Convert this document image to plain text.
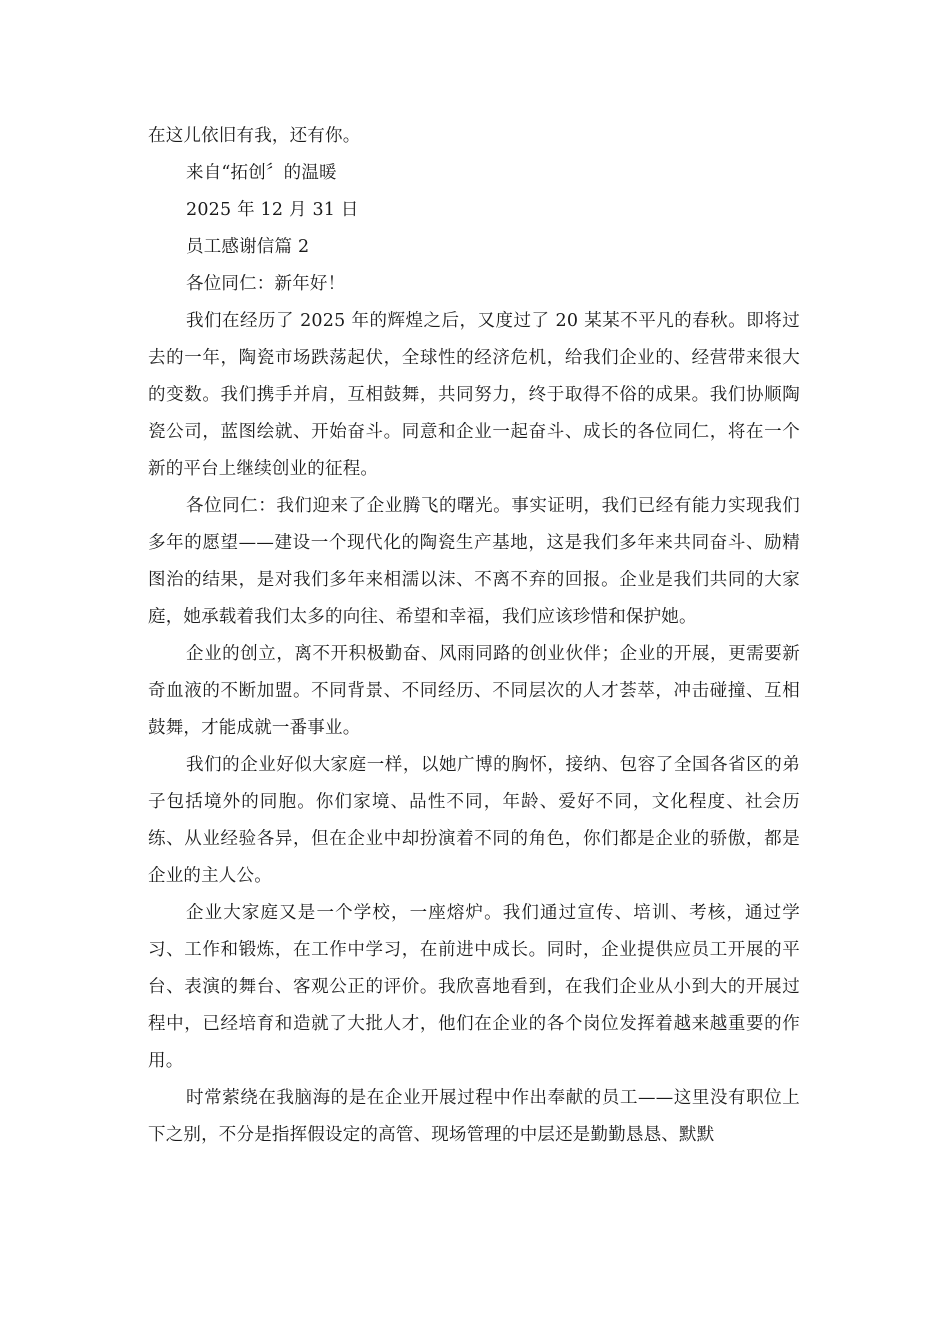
在这儿依旧有我，还有你。

来自“拓创〞的温暖

2025 年 12 月 31 日

员工感谢信篇 2

各位同仁：新年好！

我们在经历了 2025 年的辉煌之后，又度过了 20 某某不平凡的春秋。即将过去的一年，陶瓷市场跌荡起伏，全球性的经济危机，给我们企业的、经营带来很大的变数。我们携手并肩，互相鼓舞，共同努力，终于取得不俗的成果。我们协顺陶瓷公司，蓝图绘就、开始奋斗。同意和企业一起奋斗、成长的各位同仁，将在一个新的平台上继续创业的征程。

各位同仁：我们迎来了企业腾飞的曙光。事实证明，我们已经有能力实现我们多年的愿望——建设一个现代化的陶瓷生产基地，这是我们多年来共同奋斗、励精图治的结果，是对我们多年来相濡以沫、不离不弃的回报。企业是我们共同的大家庭，她承载着我们太多的向往、希望和幸福，我们应该珍惜和保护她。

企业的创立，离不开积极勤奋、风雨同路的创业伙伴；企业的开展，更需要新奇血液的不断加盟。不同背景、不同经历、不同层次的人才荟萃，冲击碰撞、互相鼓舞，才能成就一番事业。

我们的企业好似大家庭一样，以她广博的胸怀，接纳、包容了全国各省区的弟子包括境外的同胞。你们家境、品性不同，年龄、爱好不同，文化程度、社会历练、从业经验各异，但在企业中却扮演着不同的角色，你们都是企业的骄傲，都是企业的主人公。

企业大家庭又是一个学校，一座熔炉。我们通过宣传、培训、考核，通过学习、工作和锻炼，在工作中学习，在前进中成长。同时，企业提供应员工开展的平台、表演的舞台、客观公正的评价。我欣喜地看到，在我们企业从小到大的开展过程中，已经培育和造就了大批人才，他们在企业的各个岗位发挥着越来越重要的作用。

时常萦绕在我脑海的是在企业开展过程中作出奉献的员工——这里没有职位上下之别，不分是指挥假设定的高管、现场管理的中层还是勤勤恳恳、默默
